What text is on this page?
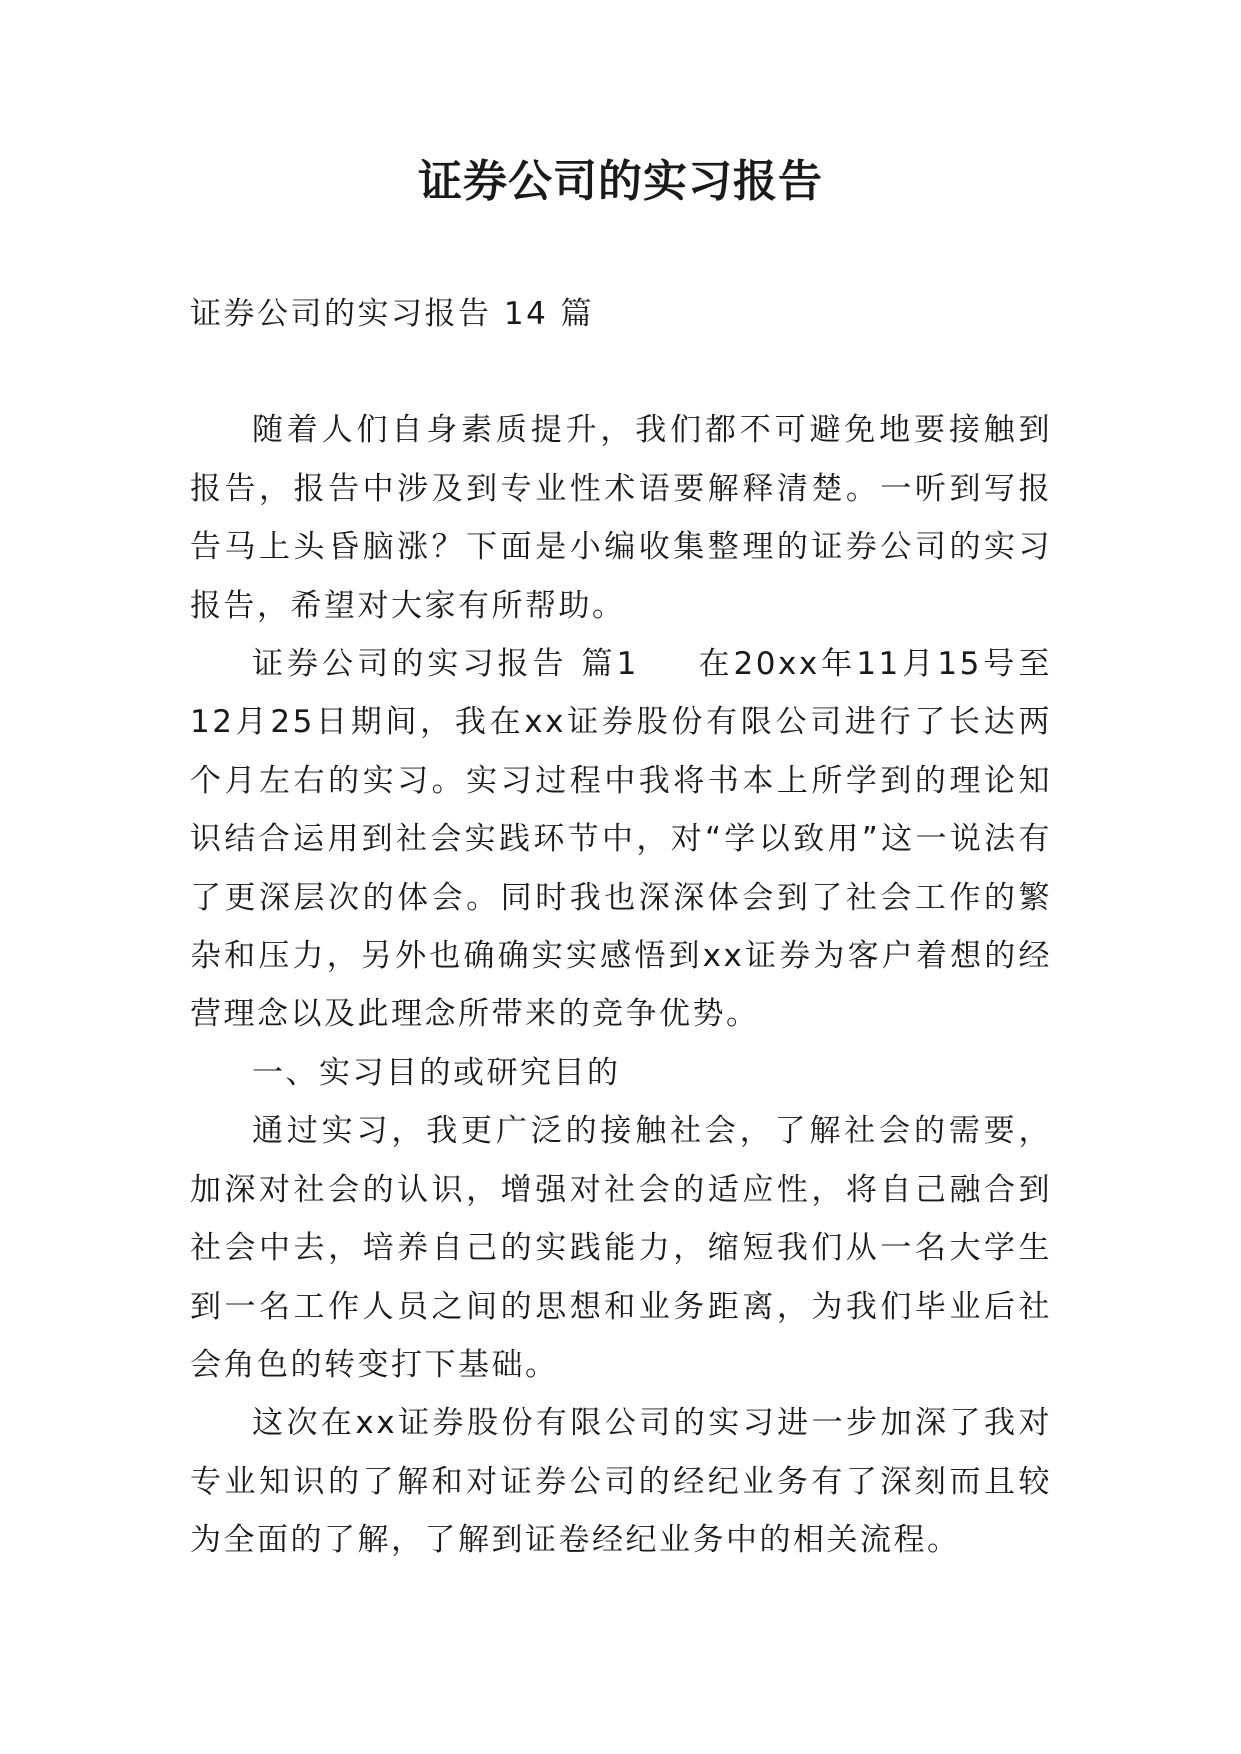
证券公司的实习报告

证券公司的实习报告 14 篇

随着人们自身素质提升，我们都不可避免地要接触到报告，报告中涉及到专业性术语要解释清楚。一听到写报告马上头昏脑涨？下面是小编收集整理的证券公司的实习报告，希望对大家有所帮助。

证券公司的实习报告 篇1 在20xx年11月15号至12月25日期间，我在xx证券股份有限公司进行了长达两个月左右的实习。实习过程中我将书本上所学到的理论知识结合运用到社会实践环节中，对“学以致用”这一说法有了更深层次的体会。同时我也深深体会到了社会工作的繁杂和压力，另外也确确实实感悟到xx证券为客户着想的经营理念以及此理念所带来的竞争优势。

一、实习目的或研究目的

通过实习，我更广泛的接触社会，了解社会的需要，加深对社会的认识，增强对社会的适应性，将自己融合到社会中去，培养自己的实践能力，缩短我们从一名大学生到一名工作人员之间的思想和业务距离，为我们毕业后社会角色的转变打下基础。

这次在xx证券股份有限公司的实习进一步加深了我对专业知识的了解和对证券公司的经纪业务有了深刻而且较为全面的了解，了解到证卷经纪业务中的相关流程。
